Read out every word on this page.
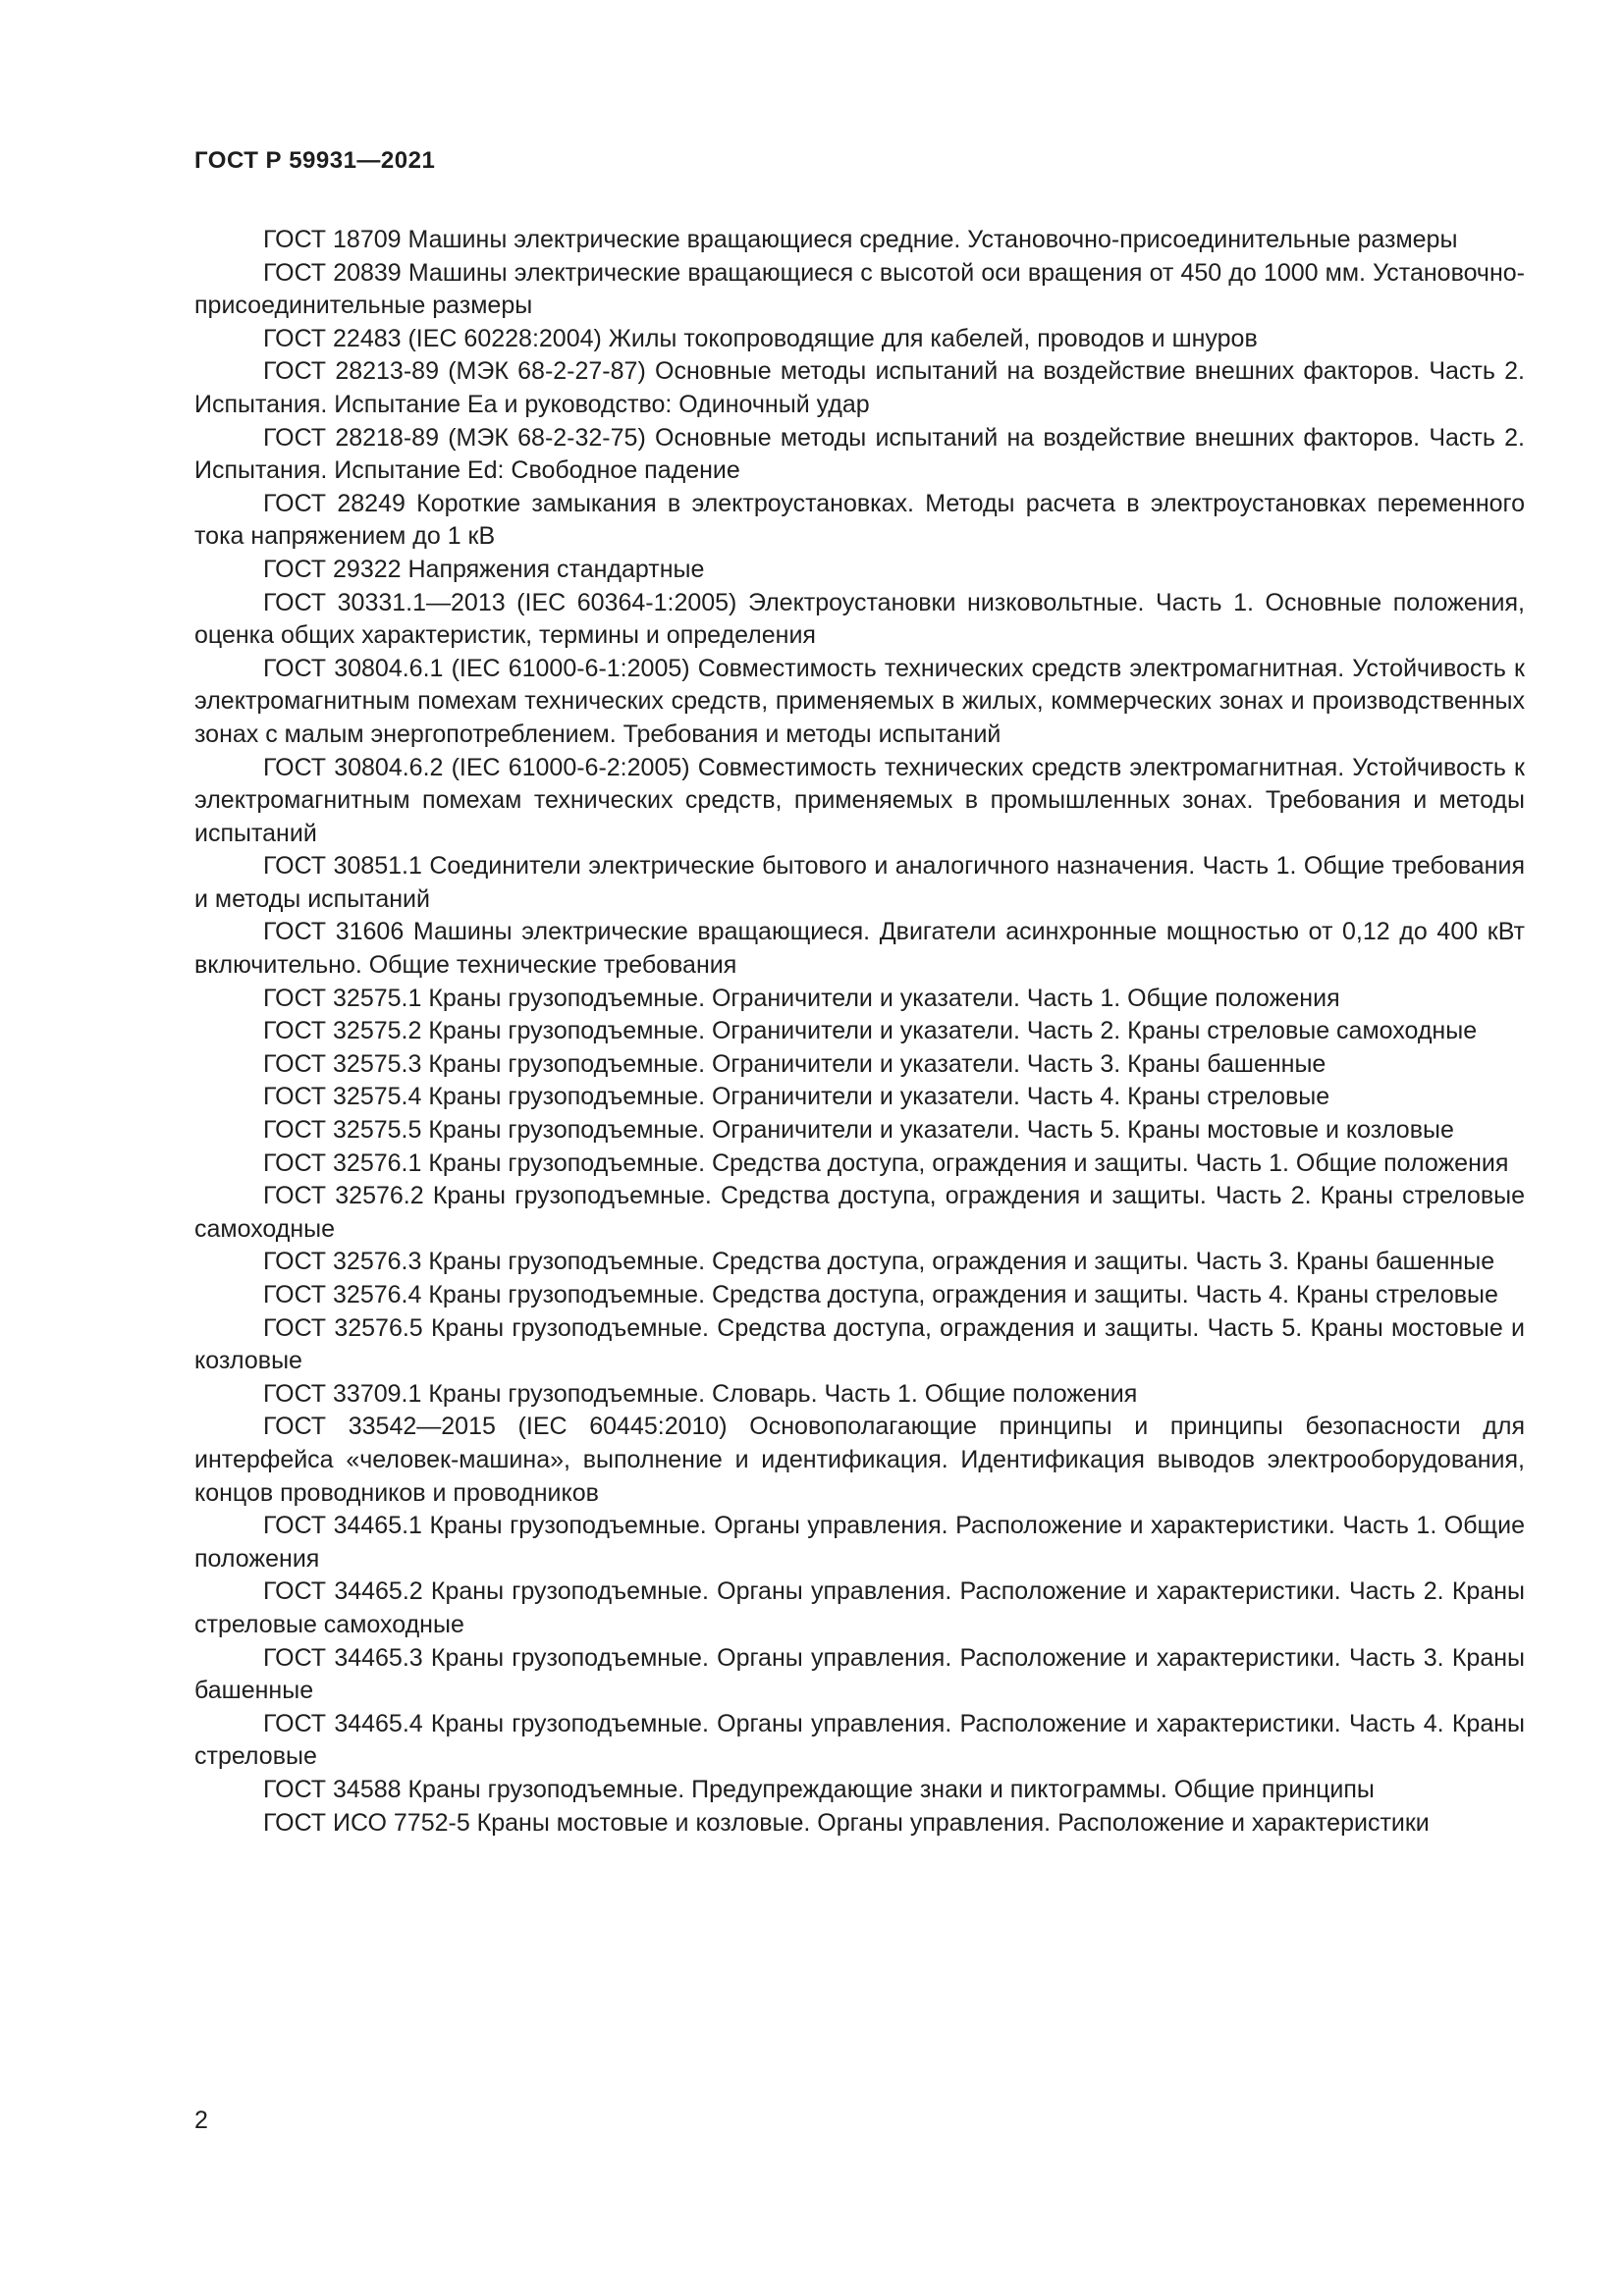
ГОСТ Р 59931—2021
ГОСТ 18709 Машины электрические вращающиеся средние. Установочно-присоединительные размеры
ГОСТ 20839 Машины электрические вращающиеся с высотой оси вращения от 450 до 1000 мм. Установочно-присоединительные размеры
ГОСТ 22483 (IEC 60228:2004) Жилы токопроводящие для кабелей, проводов и шнуров
ГОСТ 28213-89 (МЭК 68-2-27-87) Основные методы испытаний на воздействие внешних факторов. Часть 2. Испытания. Испытание Еа и руководство: Одиночный удар
ГОСТ 28218-89 (МЭК 68-2-32-75) Основные методы испытаний на воздействие внешних факторов. Часть 2. Испытания. Испытание Ed: Свободное падение
ГОСТ 28249 Короткие замыкания в электроустановках. Методы расчета в электроустановках переменного тока напряжением до 1 кВ
ГОСТ 29322 Напряжения стандартные
ГОСТ 30331.1—2013 (IEC 60364-1:2005) Электроустановки низковольтные. Часть 1. Основные положения, оценка общих характеристик, термины и определения
ГОСТ 30804.6.1 (IEC 61000-6-1:2005) Совместимость технических средств электромагнитная. Устойчивость к электромагнитным помехам технических средств, применяемых в жилых, коммерческих зонах и производственных зонах с малым энергопотреблением. Требования и методы испытаний
ГОСТ 30804.6.2 (IEC 61000-6-2:2005) Совместимость технических средств электромагнитная. Устойчивость к электромагнитным помехам технических средств, применяемых в промышленных зонах. Требования и методы испытаний
ГОСТ 30851.1 Соединители электрические бытового и аналогичного назначения. Часть 1. Общие требования и методы испытаний
ГОСТ 31606 Машины электрические вращающиеся. Двигатели асинхронные мощностью от 0,12 до 400 кВт включительно. Общие технические требования
ГОСТ 32575.1 Краны грузоподъемные. Ограничители и указатели. Часть 1. Общие положения
ГОСТ 32575.2 Краны грузоподъемные. Ограничители и указатели. Часть 2. Краны стреловые самоходные
ГОСТ 32575.3 Краны грузоподъемные. Ограничители и указатели. Часть 3. Краны башенные
ГОСТ 32575.4 Краны грузоподъемные. Ограничители и указатели. Часть 4. Краны стреловые
ГОСТ 32575.5 Краны грузоподъемные. Ограничители и указатели. Часть 5. Краны мостовые и козловые
ГОСТ 32576.1 Краны грузоподъемные. Средства доступа, ограждения и защиты. Часть 1. Общие положения
ГОСТ 32576.2 Краны грузоподъемные. Средства доступа, ограждения и защиты. Часть 2. Краны стреловые самоходные
ГОСТ 32576.3 Краны грузоподъемные. Средства доступа, ограждения и защиты. Часть 3. Краны башенные
ГОСТ 32576.4 Краны грузоподъемные. Средства доступа, ограждения и защиты. Часть 4. Краны стреловые
ГОСТ 32576.5 Краны грузоподъемные. Средства доступа, ограждения и защиты. Часть 5. Краны мостовые и козловые
ГОСТ 33709.1 Краны грузоподъемные. Словарь. Часть 1. Общие положения
ГОСТ 33542—2015 (IEC 60445:2010) Основополагающие принципы и принципы безопасности для интерфейса «человек-машина», выполнение и идентификация. Идентификация выводов электрооборудования, концов проводников и проводников
ГОСТ 34465.1 Краны грузоподъемные. Органы управления. Расположение и характеристики. Часть 1. Общие положения
ГОСТ 34465.2 Краны грузоподъемные. Органы управления. Расположение и характеристики. Часть 2. Краны стреловые самоходные
ГОСТ 34465.3 Краны грузоподъемные. Органы управления. Расположение и характеристики. Часть 3. Краны башенные
ГОСТ 34465.4 Краны грузоподъемные. Органы управления. Расположение и характеристики. Часть 4. Краны стреловые
ГОСТ 34588 Краны грузоподъемные. Предупреждающие знаки и пиктограммы. Общие принципы
ГОСТ ИСО 7752-5 Краны мостовые и козловые. Органы управления. Расположение и характеристики

2
